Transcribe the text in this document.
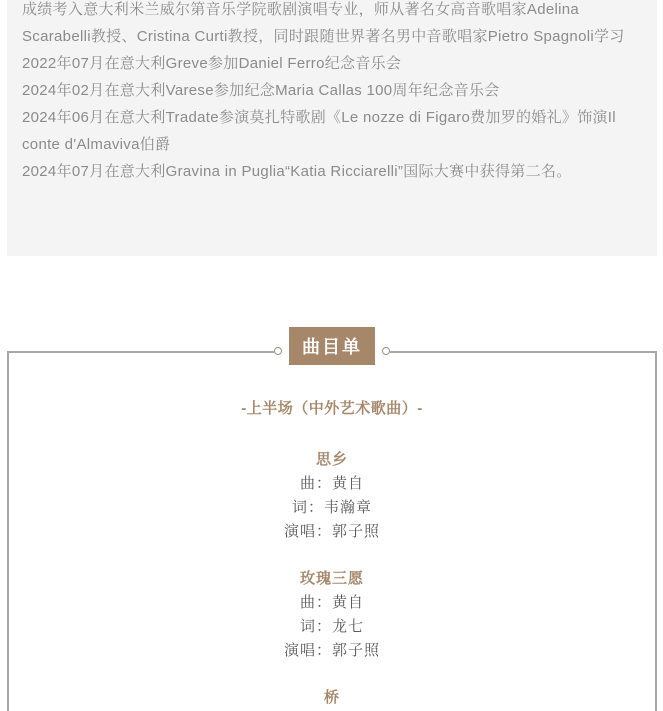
成绩考入意大利米兰威尔第音乐学院歌剧演唱专业，师从著名女高音歌唱家Adelina Scarabelli教授、Cristina Curti教授，同时跟随世界著名男中音歌唱家Pietro Spagnoli学习

2022年07月在意大利Greve参加Daniel Ferro纪念音乐会

2024年02月在意大利Varese参加纪念Maria Callas 100周年纪念音乐会

2024年06月在意大利Tradate参演莫扎特歌剧《Le nozze di Figaro费加罗的婚礼》饰演Il conte d'Almaviva伯爵

2024年07月在意大利Gravina in Puglia“Katia Ricciarelli”国际大赛中获得第二名。

曲目单
-上半场（中外艺术歌曲）-
思乡
曲：黄自
词：韦瀚章
演唱：郭子照
玫瑰三愿
曲：黄自
词：龙七
演唱：郭子照
桥
